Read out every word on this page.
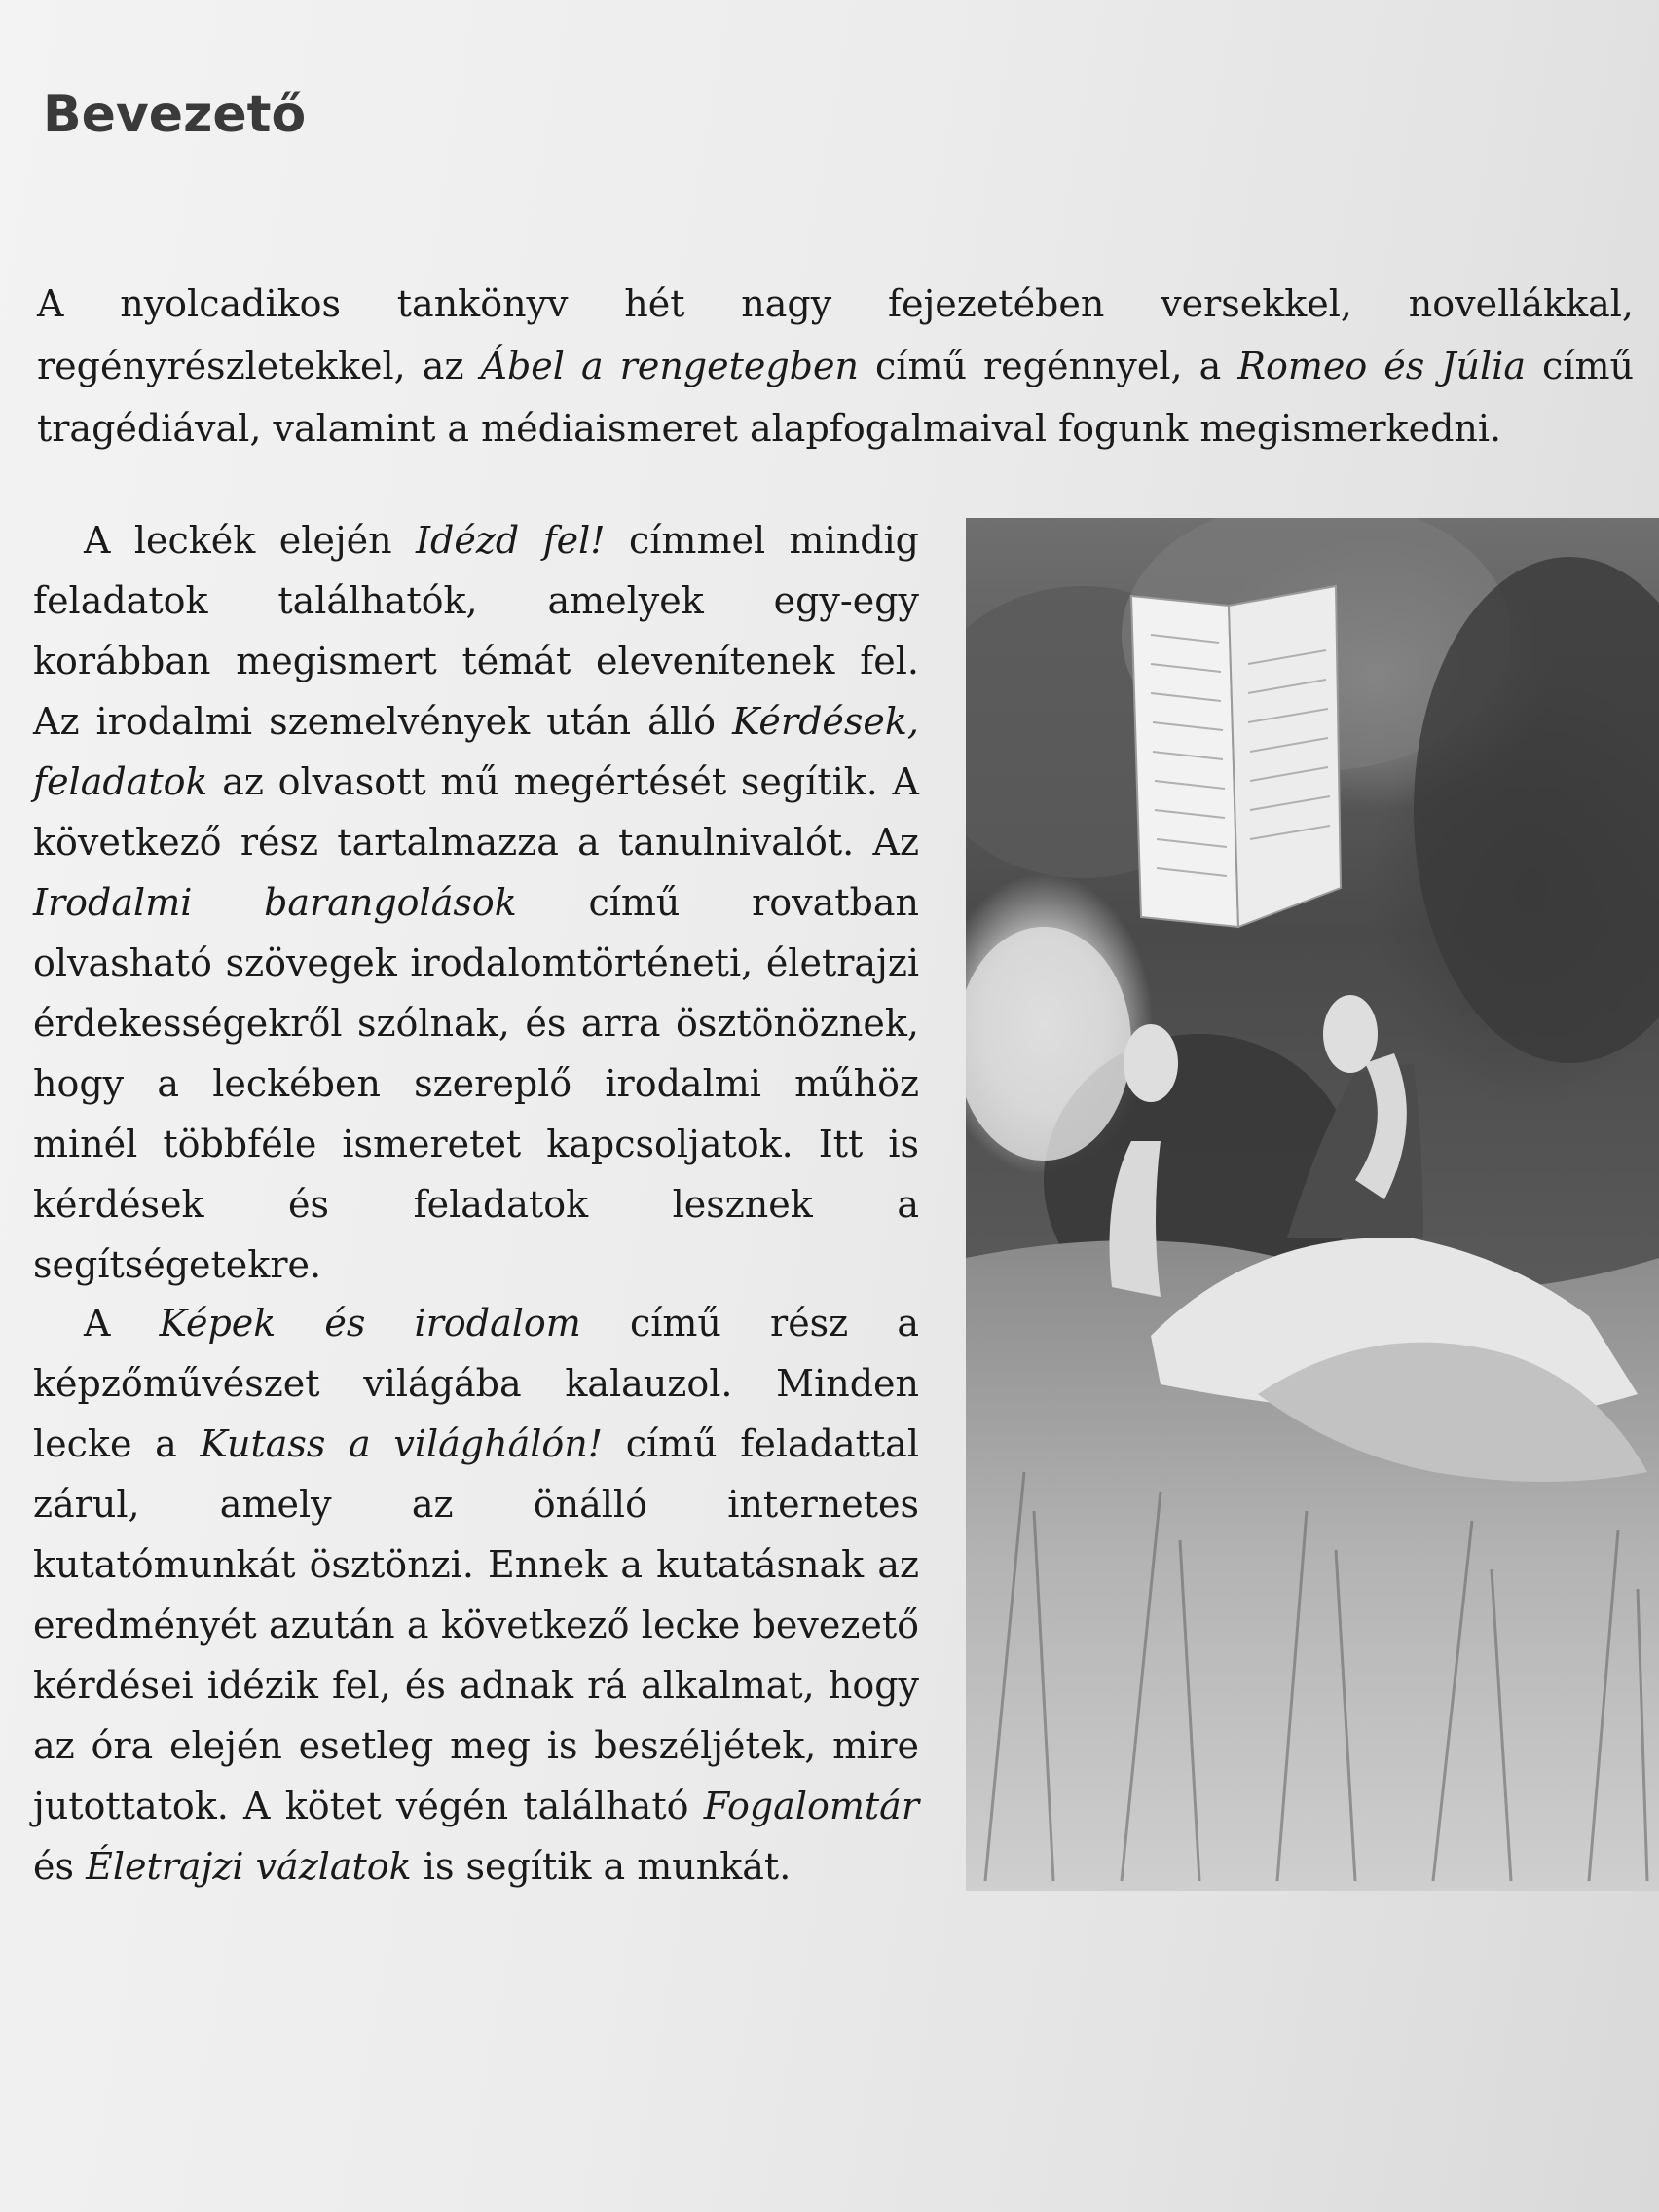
Bevezető

A nyolcadikos tankönyv hét nagy fejezetében versekkel, novellákkal, regényrészletekkel, az Ábel a rengetegben című regénnyel, a Romeo és Júlia című tragédiával, valamint a médiaismeret alapfogalmaival fogunk megismerkedni.

A leckék elején Idézd fel! címmel mindig feladatok találhatók, amelyek egy-egy korábban megismert témát elevenítenek fel. Az irodalmi szemelvények után álló Kérdések, feladatok az olvasott mű megértését segítik. A következő rész tartalmazza a tanulnivalót. Az Irodalmi barangolások című rovatban olvasható szövegek irodalomtörténeti, életrajzi érdekességekről szólnak, és arra ösztönöznek, hogy a leckében szereplő irodalmi műhöz minél többféle ismeretet kapcsoljatok. Itt is kérdések és feladatok lesznek a segítségetekre.

A Képek és irodalom című rész a képzőművészet világába kalauzol. Minden lecke a Kutass a világhálón! című feladattal zárul, amely az önálló internetes kutatómunkát ösztönzi. Ennek a kutatásnak az eredményét azután a következő lecke bevezető kérdései idézik fel, és adnak rá alkalmat, hogy az óra elején esetleg meg is beszéljétek, mire jutottatok. A kötet végén található Fogalomtár és Életrajzi vázlatok is segítik a munkát.
